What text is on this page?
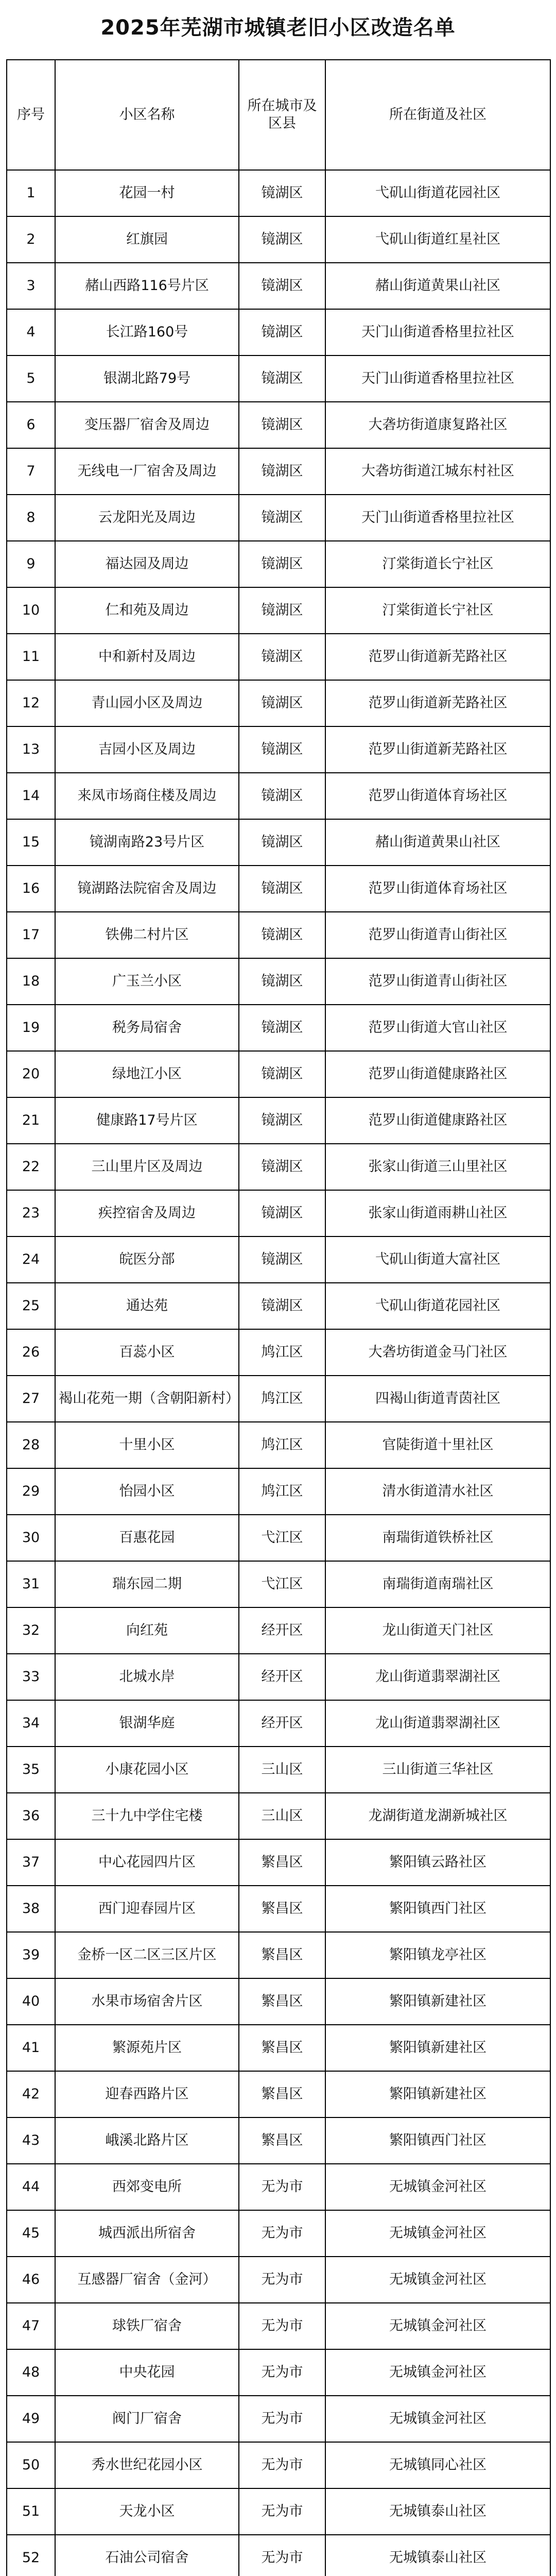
2025年芜湖市城镇老旧小区改造名单
序号	小区名称	所在城市及区县	所在街道及社区
1	花园一村	镜湖区	弋矶山街道花园社区
2	红旗园	镜湖区	弋矶山街道红星社区
3	赭山西路116号片区	镜湖区	赭山街道黄果山社区
4	长江路160号	镜湖区	天门山街道香格里拉社区
5	银湖北路79号	镜湖区	天门山街道香格里拉社区
6	变压器厂宿舍及周边	镜湖区	大砻坊街道康复路社区
7	无线电一厂宿舍及周边	镜湖区	大砻坊街道江城东村社区
8	云龙阳光及周边	镜湖区	天门山街道香格里拉社区
9	福达园及周边	镜湖区	汀棠街道长宁社区
10	仁和苑及周边	镜湖区	汀棠街道长宁社区
11	中和新村及周边	镜湖区	范罗山街道新芜路社区
12	青山园小区及周边	镜湖区	范罗山街道新芜路社区
13	吉园小区及周边	镜湖区	范罗山街道新芜路社区
14	来凤市场商住楼及周边	镜湖区	范罗山街道体育场社区
15	镜湖南路23号片区	镜湖区	赭山街道黄果山社区
16	镜湖路法院宿舍及周边	镜湖区	范罗山街道体育场社区
17	铁佛二村片区	镜湖区	范罗山街道青山街社区
18	广玉兰小区	镜湖区	范罗山街道青山街社区
19	税务局宿舍	镜湖区	范罗山街道大官山社区
20	绿地江小区	镜湖区	范罗山街道健康路社区
21	健康路17号片区	镜湖区	范罗山街道健康路社区
22	三山里片区及周边	镜湖区	张家山街道三山里社区
23	疾控宿舍及周边	镜湖区	张家山街道雨耕山社区
24	皖医分部	镜湖区	弋矶山街道大富社区
25	通达苑	镜湖区	弋矶山街道花园社区
26	百蕊小区	鸠江区	大砻坊街道金马门社区
27	褐山花苑一期（含朝阳新村）	鸠江区	四褐山街道青茵社区
28	十里小区	鸠江区	官陡街道十里社区
29	怡园小区	鸠江区	清水街道清水社区
30	百惠花园	弋江区	南瑞街道铁桥社区
31	瑞东园二期	弋江区	南瑞街道南瑞社区
32	向红苑	经开区	龙山街道天门社区
33	北城水岸	经开区	龙山街道翡翠湖社区
34	银湖华庭	经开区	龙山街道翡翠湖社区
35	小康花园小区	三山区	三山街道三华社区
36	三十九中学住宅楼	三山区	龙湖街道龙湖新城社区
37	中心花园四片区	繁昌区	繁阳镇云路社区
38	西门迎春园片区	繁昌区	繁阳镇西门社区
39	金桥一区二区三区片区	繁昌区	繁阳镇龙亭社区
40	水果市场宿舍片区	繁昌区	繁阳镇新建社区
41	繁源苑片区	繁昌区	繁阳镇新建社区
42	迎春西路片区	繁昌区	繁阳镇新建社区
43	峨溪北路片区	繁昌区	繁阳镇西门社区
44	西郊变电所	无为市	无城镇金河社区
45	城西派出所宿舍	无为市	无城镇金河社区
46	互感器厂宿舍（金河）	无为市	无城镇金河社区
47	球铁厂宿舍	无为市	无城镇金河社区
48	中央花园	无为市	无城镇金河社区
49	阀门厂宿舍	无为市	无城镇金河社区
50	秀水世纪花园小区	无为市	无城镇同心社区
51	天龙小区	无为市	无城镇泰山社区
52	石油公司宿舍	无为市	无城镇泰山社区
